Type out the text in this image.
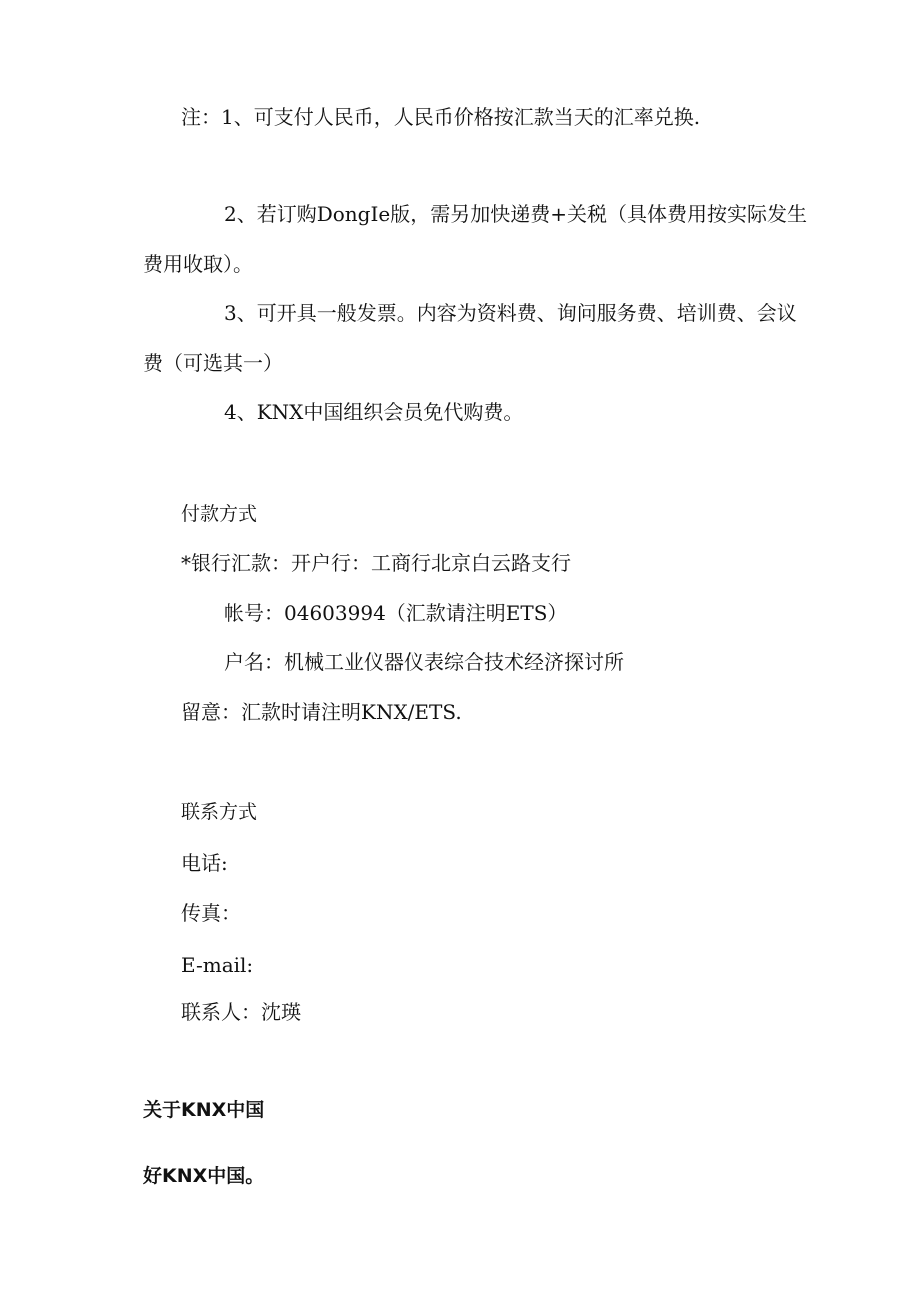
注：1、可支付人民币，人民币价格按汇款当天的汇率兑换.
2、若订购DongIe版，需另加快递费+关税（具体费用按实际发生
费用收取）。
3、可开具一般发票。内容为资料费、询问服务费、培训费、会议
费（可选其一）
4、KNX中国组织会员免代购费。
付款方式
*银行汇款：开户行：工商行北京白云路支行
帐号：04603994（汇款请注明ETS）
户名：机械工业仪器仪表综合技术经济探讨所
留意：汇款时请注明KNX/ETS.
联系方式
电话:
传真：
E-mail:
联系人：沈瑛
关于KNX中国
好KNX中国。
